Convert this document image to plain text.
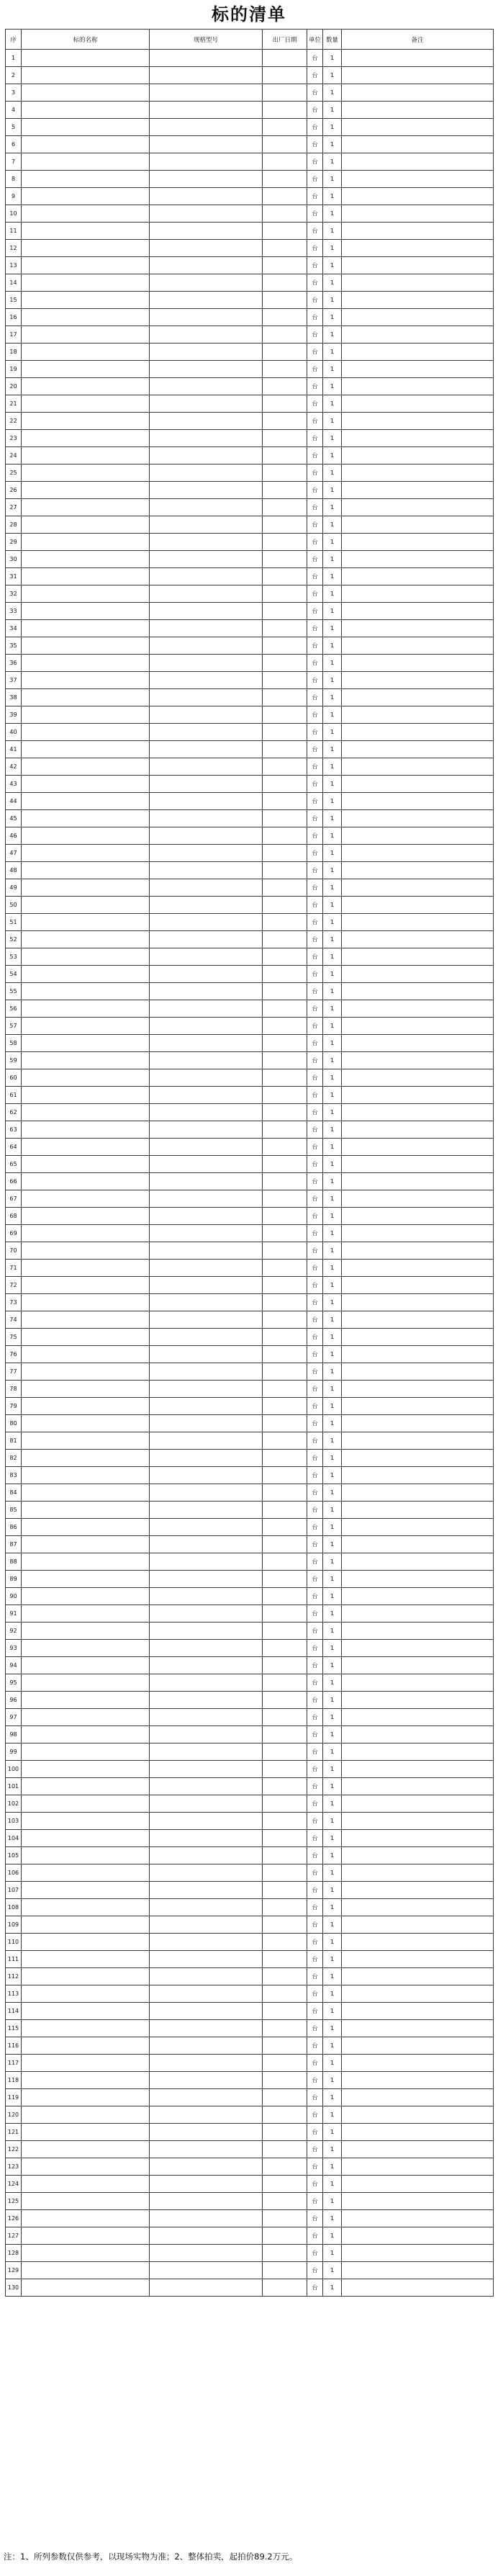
标的清单
序	标的名称	规格型号	出厂日期	单位	数量	备注
1				台	1	
2				台	1	
3				台	1	
4				台	1	
5				台	1	
6				台	1	
7				台	1	
8				台	1	
9				台	1	
10				台	1	
11				台	1	
12				台	1	
13				台	1	
14				台	1	
15				台	1	
16				台	1	
17				台	1	
18				台	1	
19				台	1	
20				台	1	
21				台	1	
22				台	1	
23				台	1	
24				台	1	
25				台	1	
26				台	1	
27				台	1	
28				台	1	
29				台	1	
30				台	1	
31				台	1	
32				台	1	
33				台	1	
34				台	1	
35				台	1	
36				台	1	
37				台	1	
38				台	1	
39				台	1	
40				台	1	
41				台	1	
42				台	1	
43				台	1	
44				台	1	
45				台	1	
46				台	1	
47				台	1	
48				台	1	
49				台	1	
50				台	1	
51				台	1	
52				台	1	
53				台	1	
54				台	1	
55				台	1	
56				台	1	
57				台	1	
58				台	1	
59				台	1	
60				台	1	
61				台	1	
62				台	1	
63				台	1	
64				台	1	
65				台	1	
66				台	1	
67				台	1	
68				台	1	
69				台	1	
70				台	1	
71				台	1	
72				台	1	
73				台	1	
74				台	1	
75				台	1	
76				台	1	
77				台	1	
78				台	1	
79				台	1	
80				台	1	
81				台	1	
82				台	1	
83				台	1	
84				台	1	
85				台	1	
86				台	1	
87				台	1	
88				台	1	
89				台	1	
90				台	1	
91				台	1	
92				台	1	
93				台	1	
94				台	1	
95				台	1	
96				台	1	
97				台	1	
98				台	1	
99				台	1	
100				台	1	
101				台	1	
102				台	1	
103				台	1	
104				台	1	
105				台	1	
106				台	1	
107				台	1	
108				台	1	
109				台	1	
110				台	1	
111				台	1	
112				台	1	
113				台	1	
114				台	1	
115				台	1	
116				台	1	
117				台	1	
118				台	1	
119				台	1	
120				台	1	
121				台	1	
122				台	1	
123				台	1	
124				台	1	
125				台	1	
126				台	1	
127				台	1	
128				台	1	
129				台	1	
130				台	1	
注：1、所列参数仅供参考，以现场实物为准；2、整体拍卖，起拍价89.2万元。
